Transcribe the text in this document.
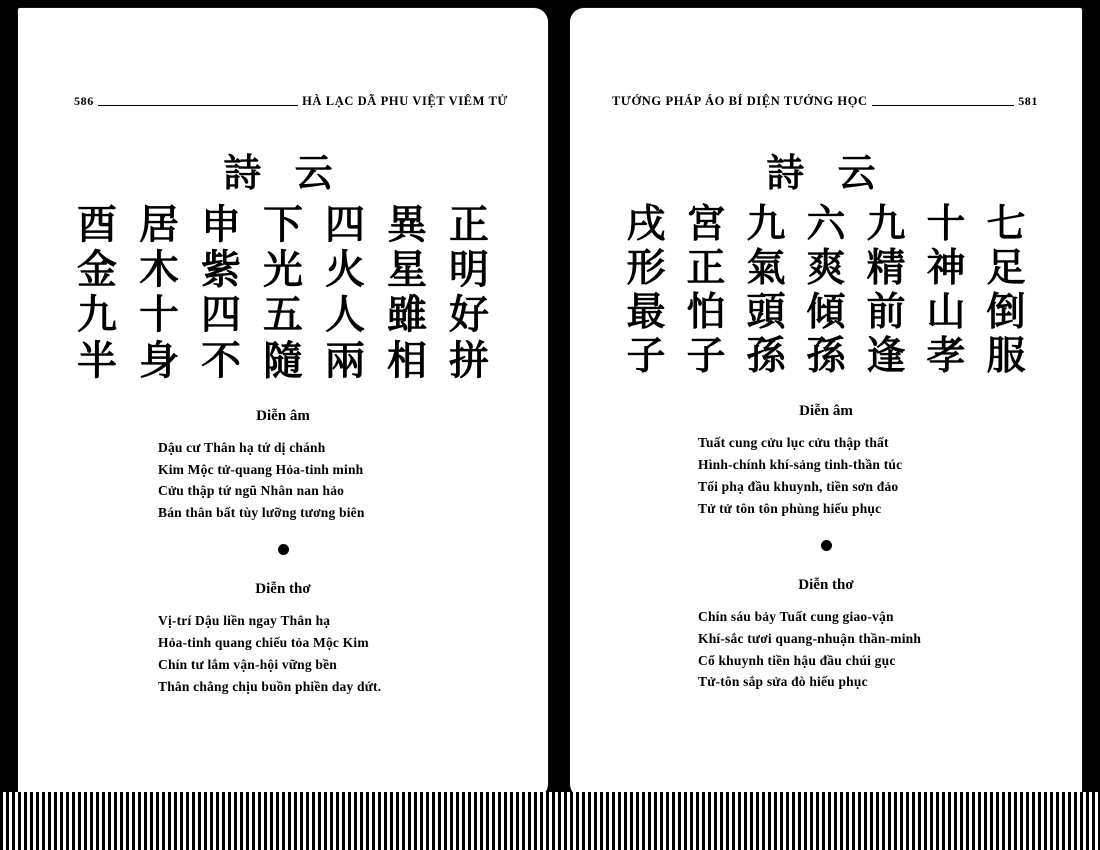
586	HÀ LẠC DÃ PHU VIỆT VIÊM TỬ
詩 云
酉 居 申 下 四 異 正
金 木 紫 光 火 星 明
九 十 四 五 人 雖 好
半 身 不 隨 兩 相 拼
Diễn âm
Dậu cư Thân hạ tứ dị chánh
Kim Mộc tử-quang Hỏa-tinh minh
Cửu thập tứ ngũ Nhân nan hảo
Bán thân bất tùy lưỡng tương biên
Diễn thơ
Vị-trí Dậu liền ngay Thân hạ
Hỏa-tinh quang chiếu tỏa Mộc Kim
Chín tư lắm vận-hội vững bền
Thân chẳng chịu buồn phiền day dứt.
TƯỚNG PHÁP ÁO BÍ DIỆN TƯỚNG HỌC	581
詩 云
戌 宮 九 六 九 十 七
形 正 氣 爽 精 神 足
最 怕 頭 傾 前 山 倒
子 子 孫 孫 逢 孝 服
Diễn âm
Tuất cung cửu lục cửu thập thất
Hình-chính khí-sảng tinh-thần túc
Tối phạ đầu khuynh, tiền sơn đảo
Tử tử tôn tôn phùng hiếu phục
Diễn thơ
Chín sáu bảy Tuất cung giao-vận
Khí-sắc tươi quang-nhuận thần-minh
Cổ khuynh tiền hậu đầu chúi gục
Tử-tôn sắp sửa đò hiếu phục
